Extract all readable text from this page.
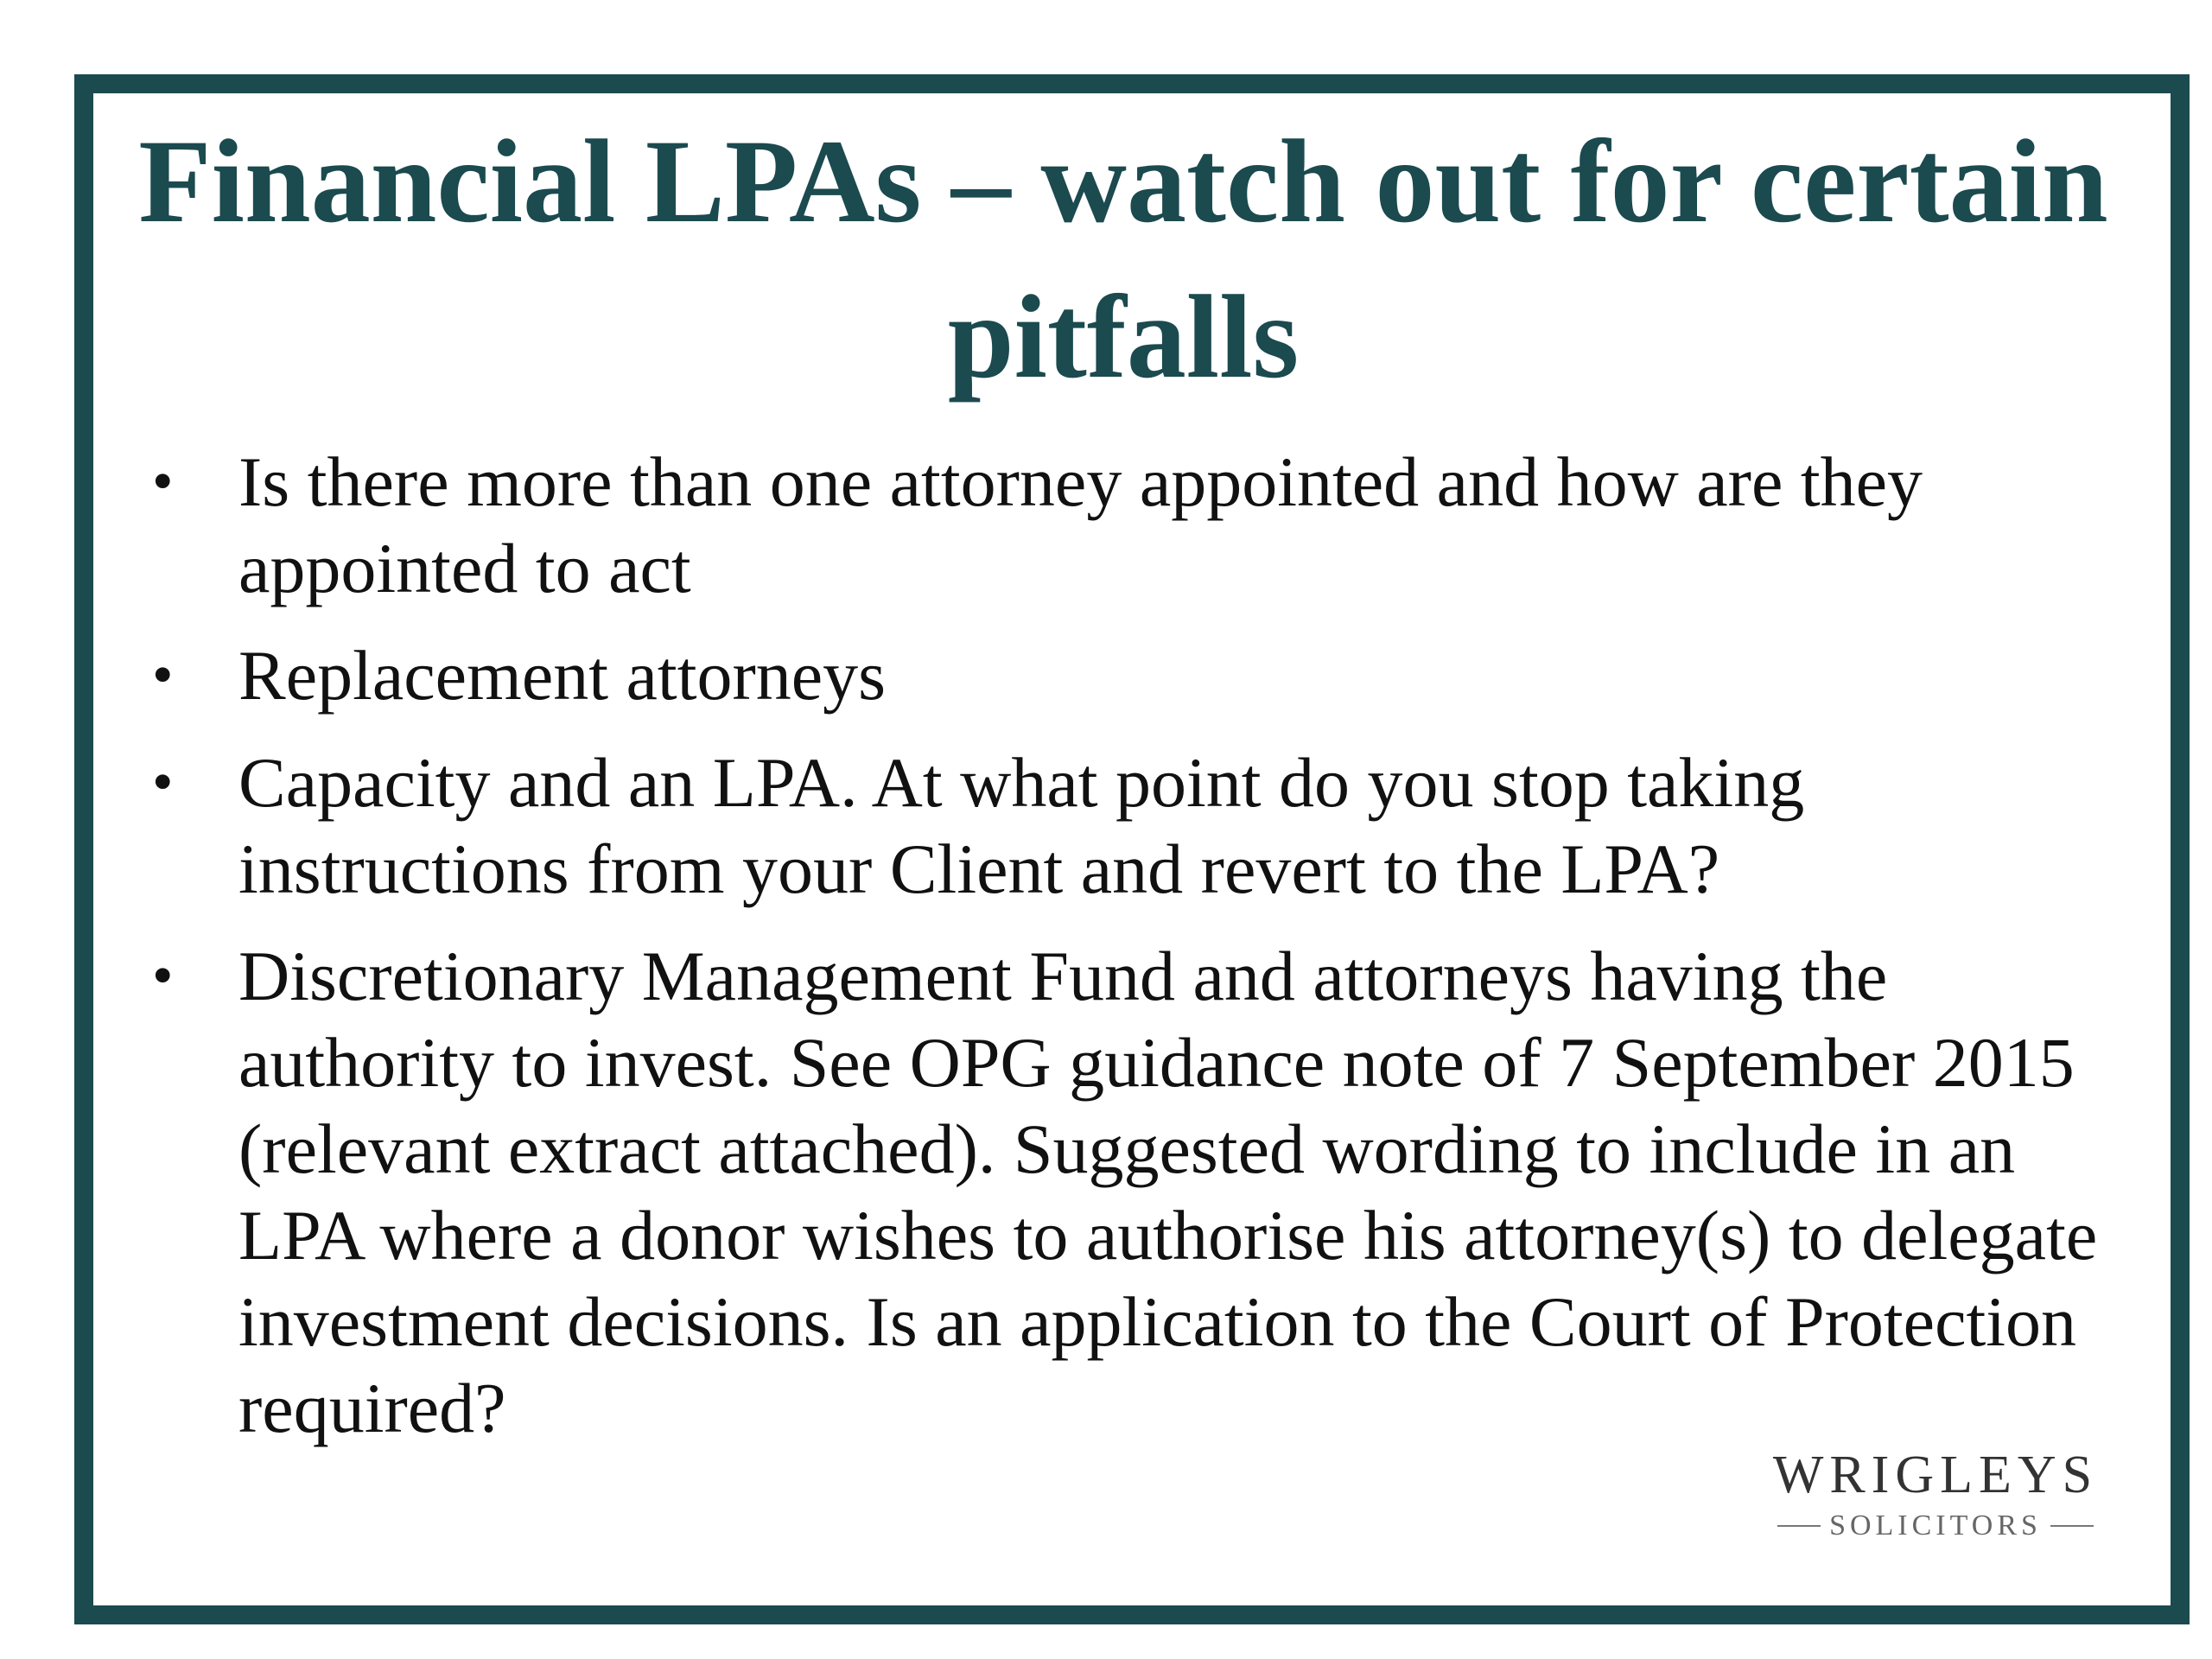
Financial LPAs – watch out for certain pitfalls
• Is there more than one attorney appointed and how are they appointed to act
• Replacement attorneys
• Capacity and an LPA. At what point do you stop taking instructions from your Client and revert to the LPA?
• Discretionary Management Fund and attorneys having the authority to invest. See OPG guidance note of 7 September 2015 (relevant extract attached). Suggested wording to include in an LPA where a donor wishes to authorise his attorney(s) to delegate investment decisions. Is an application to the Court of Protection required?
WRIGLEYS
SOLICITORS
